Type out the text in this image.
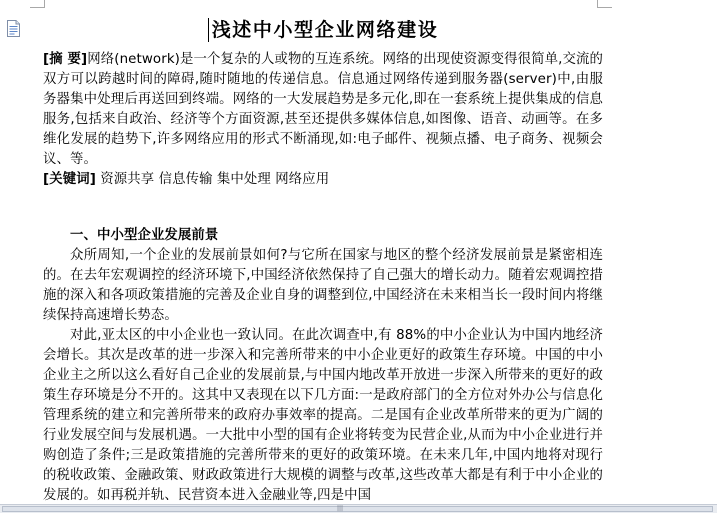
浅述中小型企业网络建设

[摘 要]网络(network)是一个复杂的人或物的互连系统。网络的出现使资源变得很简单,交流的双方可以跨越时间的障碍,随时随地的传递信息。信息通过网络传递到服务器(server)中,由服务器集中处理后再送回到终端。网络的一大发展趋势是多元化,即在一套系统上提供集成的信息服务,包括来自政治、经济等个方面资源,甚至还提供多媒体信息,如图像、语音、动画等。在多维化发展的趋势下,许多网络应用的形式不断涌现,如:电子邮件、视频点播、电子商务、视频会议、等。

[关键词] 资源共享 信息传输 集中处理 网络应用

一、中小型企业发展前景

众所周知,一个企业的发展前景如何?与它所在国家与地区的整个经济发展前景是紧密相连的。在去年宏观调控的经济环境下,中国经济依然保持了自己强大的增长动力。随着宏观调控措施的深入和各项政策措施的完善及企业自身的调整到位,中国经济在未来相当长一段时间内将继续保持高速增长势态。

对此,亚太区的中小企业也一致认同。在此次调查中,有 88%的中小企业认为中国内地经济会增长。其次是改革的进一步深入和完善所带来的中小企业更好的政策生存环境。中国的中小企业主之所以这么看好自己企业的发展前景,与中国内地改革开放进一步深入所带来的更好的政策生存环境是分不开的。这其中又表现在以下几方面:一是政府部门的全方位对外办公与信息化管理系统的建立和完善所带来的政府办事效率的提高。二是国有企业改革所带来的更为广阔的行业发展空间与发展机遇。一大批中小型的国有企业将转变为民营企业,从而为中小企业进行并购创造了条件;三是政策措施的完善所带来的更好的政策环境。在未来几年,中国内地将对现行的税收政策、金融政策、财政政策进行大规模的调整与改革,这些改革大都是有利于中小企业的发展的。如再税并轨、民营资本进入金融业等,四是中国

|||
